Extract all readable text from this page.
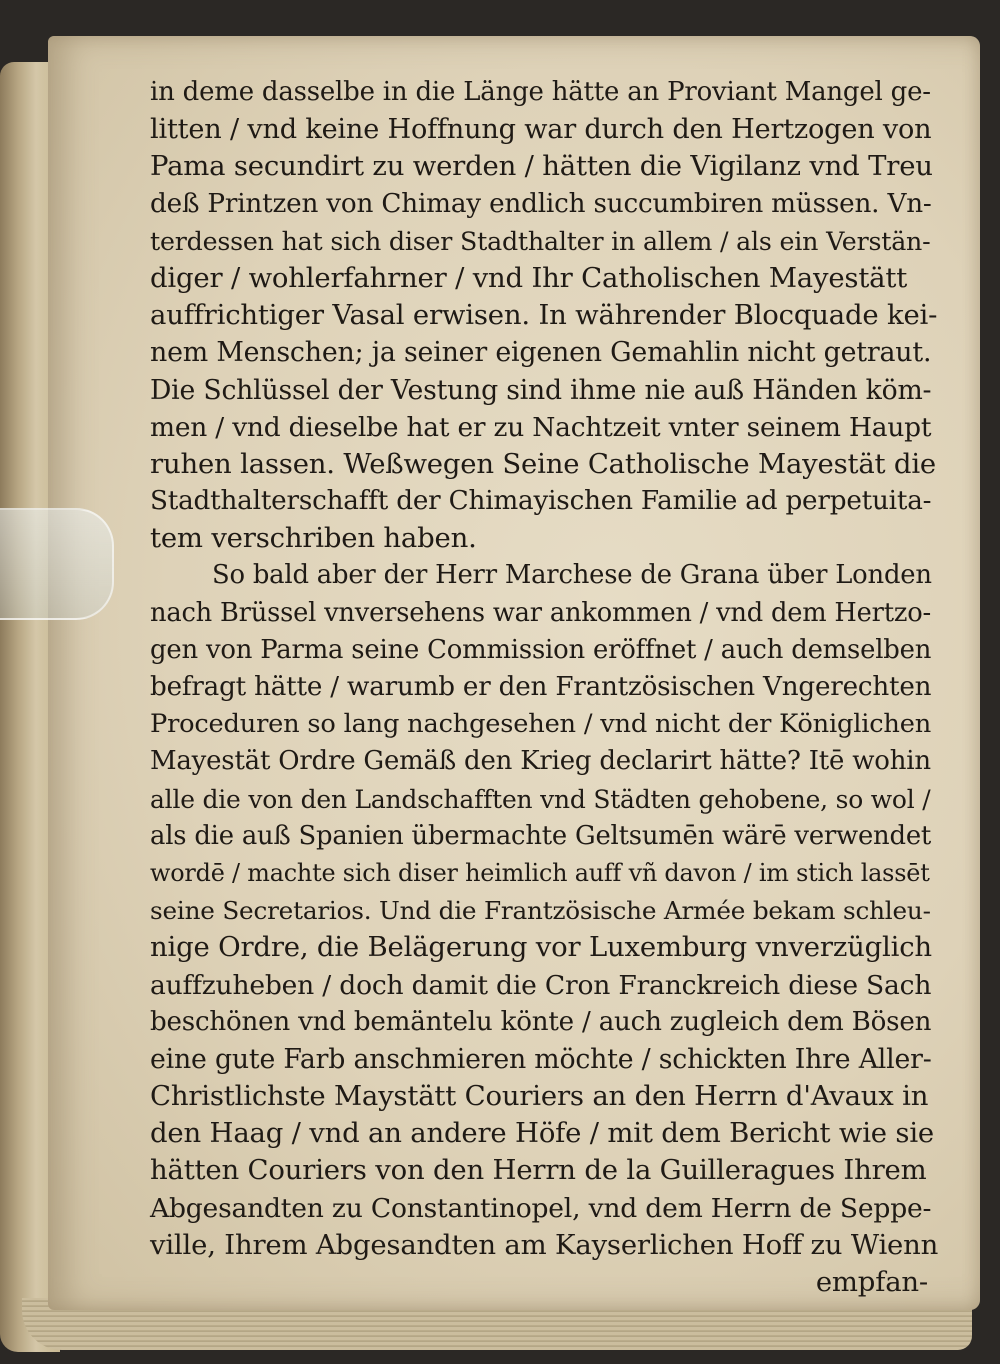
in deme dasselbe in die Länge hätte an Proviant Mangel ge-
litten / vnd keine Hoffnung war durch den Hertzogen von
Pama secundirt zu werden / hätten die Vigilanz vnd Treu
deß Printzen von Chimay endlich succumbiren müssen. Vn-
terdessen hat sich diser Stadthalter in allem / als ein Verstän-
diger / wohlerfahrner / vnd Ihr Catholischen Mayestätt
auffrichtiger Vasal erwisen. In währender Blocquade kei-
nem Menschen; ja seiner eigenen Gemahlin nicht getraut.
Die Schlüssel der Vestung sind ihme nie auß Händen köm-
men / vnd dieselbe hat er zu Nachtzeit vnter seinem Haupt
ruhen lassen. Weßwegen Seine Catholische Mayestät die
Stadthalterschafft der Chimayischen Familie ad perpetuita-
tem verschriben haben.
So bald aber der Herr Marchese de Grana über Londen
nach Brüssel vnversehens war ankommen / vnd dem Hertzo-
gen von Parma seine Commission eröffnet / auch demselben
befragt hätte / warumb er den Frantzösischen Vngerechten
Proceduren so lang nachgesehen / vnd nicht der Königlichen
Mayestät Ordre Gemäß den Krieg declarirt hätte? Itē wohin
alle die von den Landschafften vnd Städten gehobene, so wol /
als die auß Spanien übermachte Geltsumēn wärē verwendet
wordē / machte sich diser heimlich auff vñ davon / im stich lassēt
seine Secretarios. Und die Frantzösische Armée bekam schleu-
nige Ordre, die Belägerung vor Luxemburg vnverzüglich
auffzuheben / doch damit die Cron Franckreich diese Sach
beschönen vnd bemäntelu könte / auch zugleich dem Bösen
eine gute Farb anschmieren möchte / schickten Ihre Aller-
Christlichste Maystätt Couriers an den Herrn d'Avaux in
den Haag / vnd an andere Höfe / mit dem Bericht wie sie
hätten Couriers von den Herrn de la Guilleragues Ihrem
Abgesandten zu Constantinopel, vnd dem Herrn de Seppe-
ville, Ihrem Abgesandten am Kayserlichen Hoff zu Wienn
empfan-
